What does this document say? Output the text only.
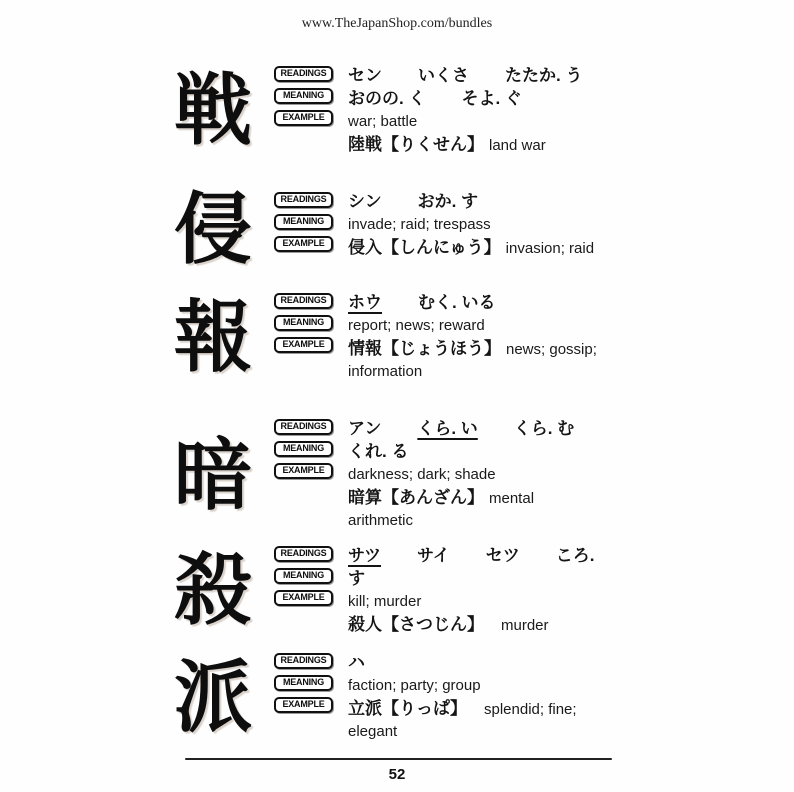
www.TheJapanShop.com/bundles
戦	READINGS
MEANING
EXAMPLE
セン いくさ たたか. う
おのの. く そよ. ぐ
war; battle
陸戦【りくせん】 land war
侵	READINGS
MEANING
EXAMPLE
シン おか. す
invade; raid; trespass
侵入【しんにゅう】 invasion; raid
報	READINGS
MEANING
EXAMPLE
ホウ むく. いる
report; news; reward
情報【じょうほう】 news; gossip;
information
暗
READINGS
MEANING
EXAMPLE
アン くら. い くら. む
くれ. る
darkness; dark; shade
暗算【あんざん】 mental
arithmetic
殺	READINGS
MEANING
EXAMPLE
サツ サイ セツ ころ.
す
kill; murder
殺人【さつじん】 murder
派	READINGS
MEANING
EXAMPLE
ハ
faction; party; group
立派【りっぱ】 splendid; fine;
elegant
52
